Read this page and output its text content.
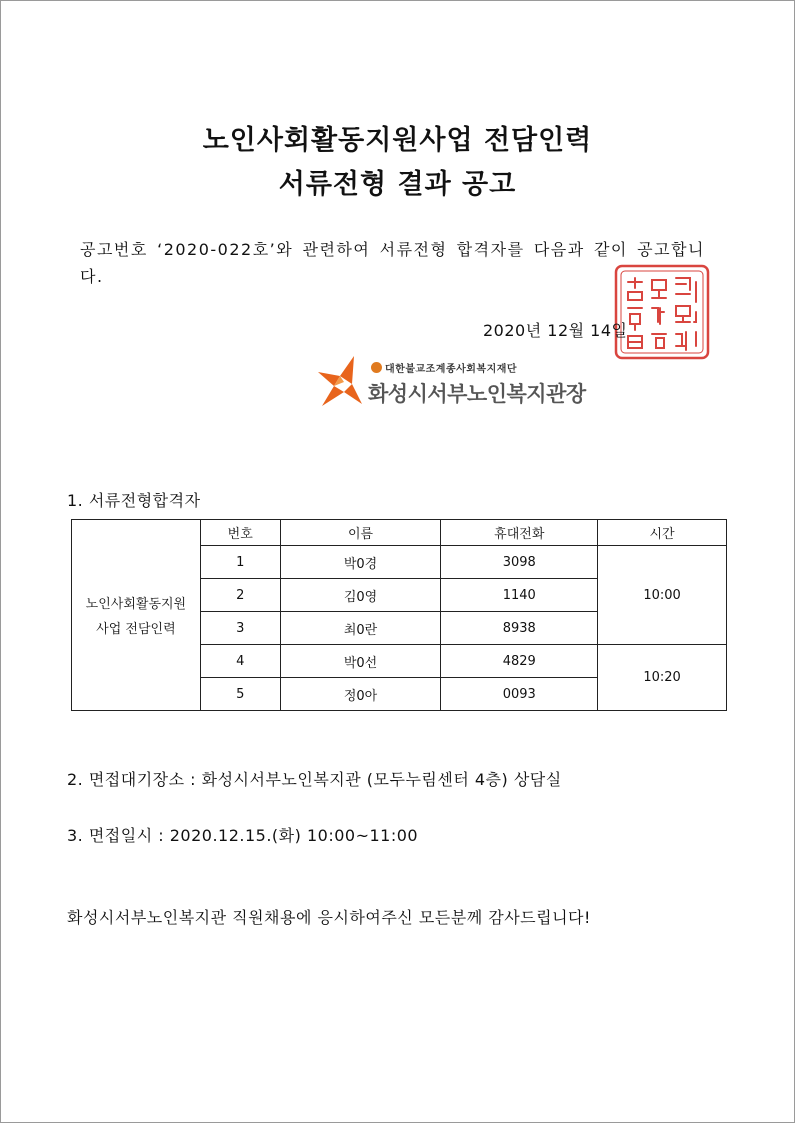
노인사회활동지원사업 전담인력
서류전형 결과 공고
공고번호 ‘2020-022호’와 관련하여 서류전형 합격자를 다음과 같이 공고합니다.
2020년 12월 14일
대한불교조계종사회복지재단
화성시서부노인복지관장
1. 서류전형합격자
노인사회활동지원
사업 전담인력	번호	이름	휴대전화	시간
	1	박0경	3098	10:00
	2	김0영	1140	
	3	최0란	8938	
	4	박0선	4829	10:20
	5	정0아	0093	
2. 면접대기장소 : 화성시서부노인복지관 (모두누림센터 4층) 상담실
3. 면접일시 : 2020.12.15.(화) 10:00~11:00
화성시서부노인복지관 직원채용에 응시하여주신 모든분께 감사드립니다!
